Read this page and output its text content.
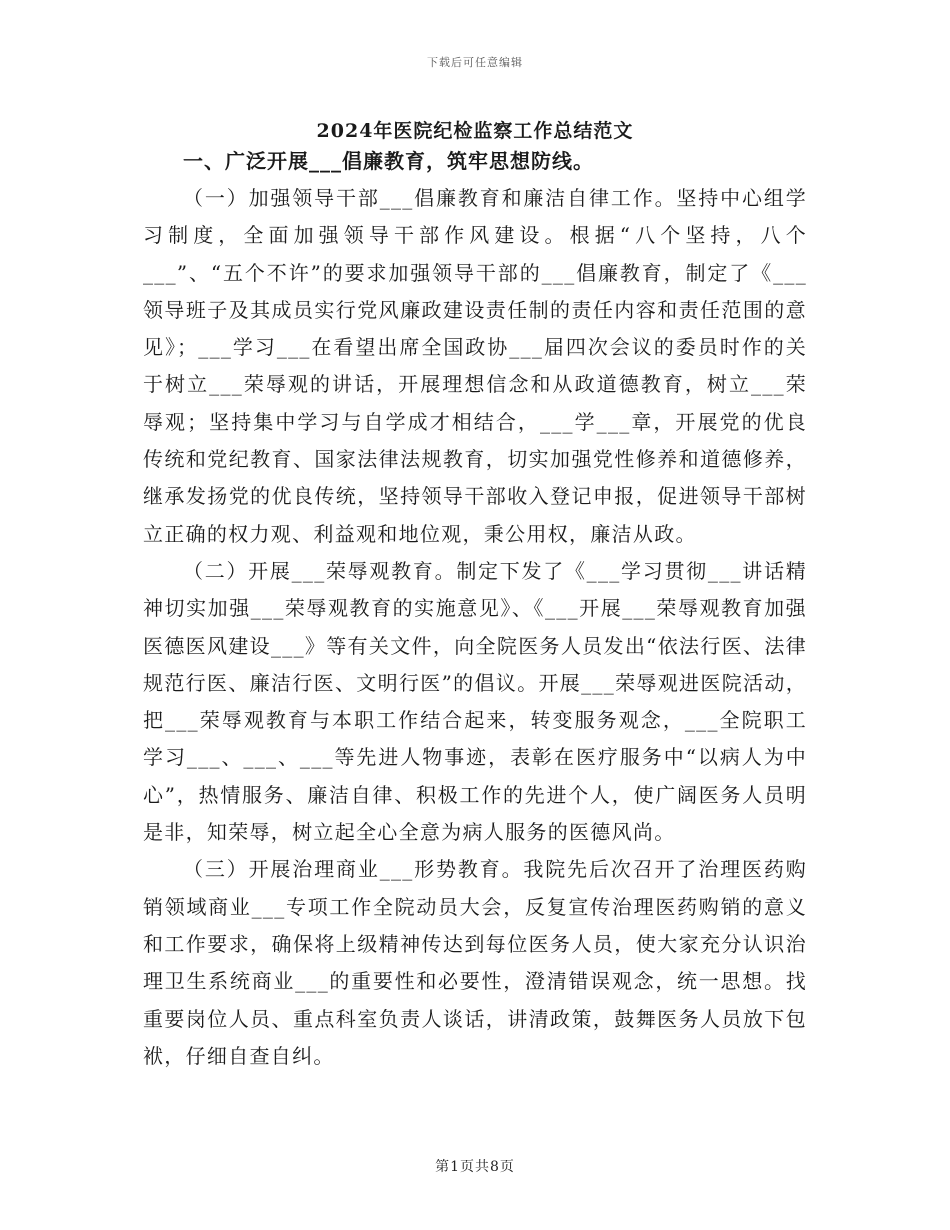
下载后可任意编辑
2024年医院纪检监察工作总结范文

一、广泛开展___倡廉教育，筑牢思想防线。

（一）加强领导干部___倡廉教育和廉洁自律工作。坚持中心组学习制度，全面加强领导干部作风建设。根据“八个坚持，八个___”、“五个不许”的要求加强领导干部的___倡廉教育，制定了《___领导班子及其成员实行党风廉政建设责任制的责任内容和责任范围的意见》；___学习___在看望出席全国政协___届四次会议的委员时作的关于树立___荣辱观的讲话，开展理想信念和从政道德教育，树立___荣辱观；坚持集中学习与自学成才相结合，___学___章，开展党的优良传统和党纪教育、国家法律法规教育，切实加强党性修养和道德修养，继承发扬党的优良传统，坚持领导干部收入登记申报，促进领导干部树立正确的权力观、利益观和地位观，秉公用权，廉洁从政。

（二）开展___荣辱观教育。制定下发了《___学习贯彻___讲话精神切实加强___荣辱观教育的实施意见》、《___开展___荣辱观教育加强医德医风建设___》等有关文件，向全院医务人员发出“依法行医、法律规范行医、廉洁行医、文明行医”的倡议。开展___荣辱观进医院活动，把___荣辱观教育与本职工作结合起来，转变服务观念，___全院职工学习___、___、___等先进人物事迹，表彰在医疗服务中“以病人为中心”，热情服务、廉洁自律、积极工作的先进个人，使广阔医务人员明是非，知荣辱，树立起全心全意为病人服务的医德风尚。

（三）开展治理商业___形势教育。我院先后次召开了治理医药购销领域商业___专项工作全院动员大会，反复宣传治理医药购销的意义和工作要求，确保将上级精神传达到每位医务人员，使大家充分认识治理卫生系统商业___的重要性和必要性，澄清错误观念，统一思想。找重要岗位人员、重点科室负责人谈话，讲清政策，鼓舞医务人员放下包袱，仔细自查自纠。

第1页共8页
